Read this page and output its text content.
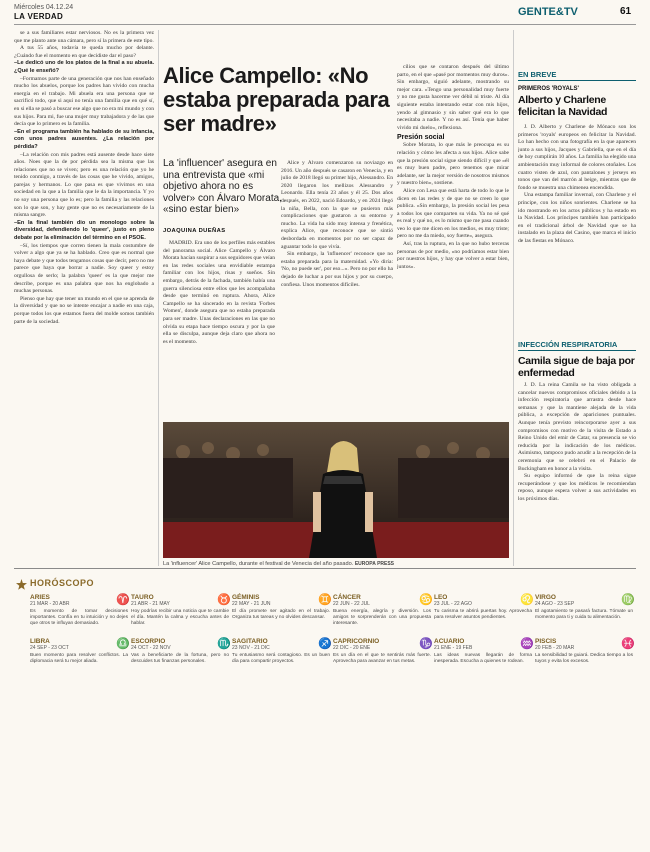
Miércoles 04.12.24
LA VERDAD	GENTE&TV	61

se a sus familiares estar nerviosos. No es la primera vez que me planto ante una cámara, pero sí la primera de este tipo.

A tus 55 años, todavía te queda mucho por delante. ¿Cuándo fue el momento en que decidiste dar el paso?

–Le dedicó uno de los platos de la final a su abuela. ¿Qué le enseñó?

–Formamos parte de una generación que nos han enseñado mucho los abuelos, porque los padres han vivido con mucha energía en el trabajo. Mi abuela era una persona que se sacrificó todo, que si aquí no tenía una familia que en qué sí, en si ella se pasó a buscar ese algo que no era mi mundo y con sus hijos. Para mi, fue una mujer muy trabajadora y de las que decía que lo primero es la familia.

–En el programa también ha hablado de su infancia, con unos padres ausentes. ¿La relación por pérdida?

–La relación con mis padres está ausente desde hace siete años. Noes que la de por pérdida sea la misma que las relaciones que no se viven; pero es una relación que yo he tenido conmigo, a través de las cosas que he vivido, amigos, parejas y hermanos. Lo que pasa es que vivimos en una sociedad en la que a la familia que le da la importancia. Y yo no soy una persona que lo es; pero la familia y las relaciones son lo que son, y hay gente que no es necesariamente de la misma sangre.

–En la final también dio un monologo sobre la diversidad, defendiendo lo 'queer', justo en pleno debate por la eliminación del término en el PSOE.

–Sí, los tiempos que corren tienen la mala costumbre de volver a algo que ya se ha hablado. Creo que es normal que haya debate y que todos tengamos cosas que decir, pero no me parece que haya que borrar a nadie. Soy queer y estoy orgullosa de serlo; la palabra 'queer' es la que mejor me describe, porque es una palabra que nos ha englobado a muchas personas.

Pienso que hay que tener un mundo en el que se aprenda de la diversidad y que no se intente encajar a nadie en una caja, porque todos los que estamos fuera del molde somos también parte de la sociedad.

Alice Campello: «No estaba preparada para ser madre»
La 'influencer' asegura en una entrevista que «mi objetivo ahora no es volver» con Álvaro Morata, «sino estar bien»
JOAQUINA DUEÑAS

MADRID. Era uno de los perfiles más estables del panorama social. Alice Campello y Álvaro Morata hacían suspirar a sus seguidores que veían en las redes sociales una envidiable estampa familiar con los hijos, risas y sueños. Sin embargo, detrás de la fachada, también había una guerra silenciosa entre ellos que les acompañaba desde que terminó en ruptura. Ahora, Alice Campello se ha sincerado en la revista 'Forbes Women', donde asegura que no estaba preparada para ser madre. Unas declaraciones en las que no olvida su etapa hace tiempo oscura y por la que ella se disculpa, aunque deja claro que ahora no es el momento.

Alice y Álvaro comenzaron su noviazgo en 2016. Un año después se casaron en Venecia, y en julio de 2018 llegó su primer hijo, Alessandro. En 2020 llegaron los mellizos Alessandro y Leonardo. Ella tenía 23 años y él 25. Dos años después, en 2022, nació Edoardo, y en 2024 llegó la niña, Bella, con la que se pusieron más complicaciones que gustaron a su entorno y mucho. La vida ha sido muy intensa y frenética, explica Alice, que reconoce que se sintió desbordada en momentos por no ser capaz de aguantar todo lo que vivía.

Sin embargo, la 'influencer' reconoce que no estaba preparada para la maternidad. «Yo diría: 'No, no puede ser', por eso...». Pero no por ello ha dejado de luchar a por sus hijos y por su cuerpo, confiesa. Unos momentos difíciles.

cilios que se contaron después del último parto, en el que «pasé por momentos muy duros». Sin embargo, siguió adelante, mostrando su mejor cara. «Tengo una personalidad muy fuerte y no me gusta hacerme ver débil ni triste. Al día siguiente estaba intentando estar con mis hijos, yendo al gimnasio y sin saber qué era lo que necesitaba a nadie. Y no es así. Tenía que haber vivido mi duelo», reflexiona.

Presión social

Sobre Morata, lo que más le preocupa es su relación y cómo les afecta a sus hijos. Alice sabe que la presión social sigue siendo difícil y que «él es muy buen padre, pero tenemos que mirar adelante, ser la mejor versión de nosotros mismos y nuestro bien», sostiene.

Alice con Lesa que está harta de todo lo que le dicen en las redes y de que no se creen lo que publica. «Sin embargo, la presión social les pesa a todos los que comparten su vida. Ya no sé qué es real y qué no, es lo mismo que me pasa cuando veo lo que me dicen en los medios, es muy triste; pero no me da miedo, soy fuerte», asegura.

Así, tras la ruptura, en la que no hubo terceras personas de por medio, «no podríamos estar bien por nuestros hijos, y hay que volver a estar bien, juntos».

La 'influencer' Alice Campello, durante el festival de Venecia del año pasado. EUROPA PRESS
EN BREVE
PRIMEROS 'ROYALS'
Alberto y Charlene felicitan la Navidad

J. D. Alberto y Charlene de Mónaco son los primeros 'royals' europeos en felicitar la Navidad. Lo han hecho con una fotografía en la que aparecen junto a sus hijos, Jacques y Gabriella, que en el día de hoy cumplirán 10 años. La familia ha elegido una ambientación muy informal de colores otoñales. Los cuatro visten de azul, con pantalones y jerseys en tonos que van del marrón al beige, mientras que de fondo se muestra una chimenea encendida.

Una estampa familiar invernal, con Charlene y el príncipe, con los niños sonrientes. Charlene se ha ido mostrando en los actos públicos y ha estado en la Navidad. Los príncipes también han participado en el tradicional árbol de Navidad que se ha instalado en la plaza del Casino, que marca el inicio de las fiestas en Mónaco.

INFECCIÓN RESPIRATORIA
Camila sigue de baja por enfermedad

J. D. La reina Camila se ha visto obligada a cancelar nuevos compromisos oficiales debido a la infección respiratoria que arrastra desde hace semanas y que la mantiene alejada de la vida pública, a excepción de apariciones puntuales. Aunque tenía previsto reincorporarse ayer a sus compromisos con motivo de la visita de Estado a Reino Unido del emir de Catar, su presencia se vio reducida por la indicación de los médicos. Asimismo, tampoco pudo acudir a la recepción de la ceremonia que se celebró en el Palacio de Buckingham en honor a la visita.

Su equipo informó de que la reina sigue recuperándose y que los médicos le recomiendan reposo, aunque espera volver a sus actividades en los próximos días.

HORÓSCOPO
ARIES
21 MAR - 20 ABR
Es momento de tomar decisiones importantes. Confía en tu intuición y no dejes que otros te influyan demasiado.
♈ TAURO
21 ABR - 21 MAY
Hoy podrías recibir una noticia que te cambie el día. Mantén la calma y escucha antes de hablar.
♉ GÉMINIS
22 MAY - 21 JUN
El día promete ser agitado en el trabajo. Organiza tus tareas y no olvides descansar.
♊ CÁNCER
22 JUN - 22 JUL
Buena energía, alegría y diversión. Los amigos te sorprenderán con una propuesta interesante.
♋ LEO
23 JUL - 22 AGO
Tu carisma te abrirá puertas hoy. Aprovecha para resolver asuntos pendientes.
♌ VIRGO
24 AGO - 23 SEP
El agotamiento te pasará factura. Tómate un momento para ti y cuida tu alimentación.
♍
LIBRA
24 SEP - 23 OCT
Buen momento para resolver conflictos. La diplomacia será tu mejor aliada.
♎ ESCORPIO
24 OCT - 22 NOV
Vas a beneficiarte de la fortuna, pero no descuides tus finanzas personales.
♏ SAGITARIO
23 NOV - 21 DIC
Tu entusiasmo será contagioso. Es un buen día para compartir proyectos.
♐ CAPRICORNIO
22 DIC - 20 ENE
Es un día en el que te sentirás más fuerte. Aprovecha para avanzar en tus metas.
♑ ACUARIO
21 ENE - 19 FEB
Las ideas nuevas llegarán de forma inesperada. Escucha a quienes te rodean.
♒ PISCIS
20 FEB - 20 MAR
La sensibilidad te guiará. Dedica tiempo a los tuyos y evita los excesos.
♓
